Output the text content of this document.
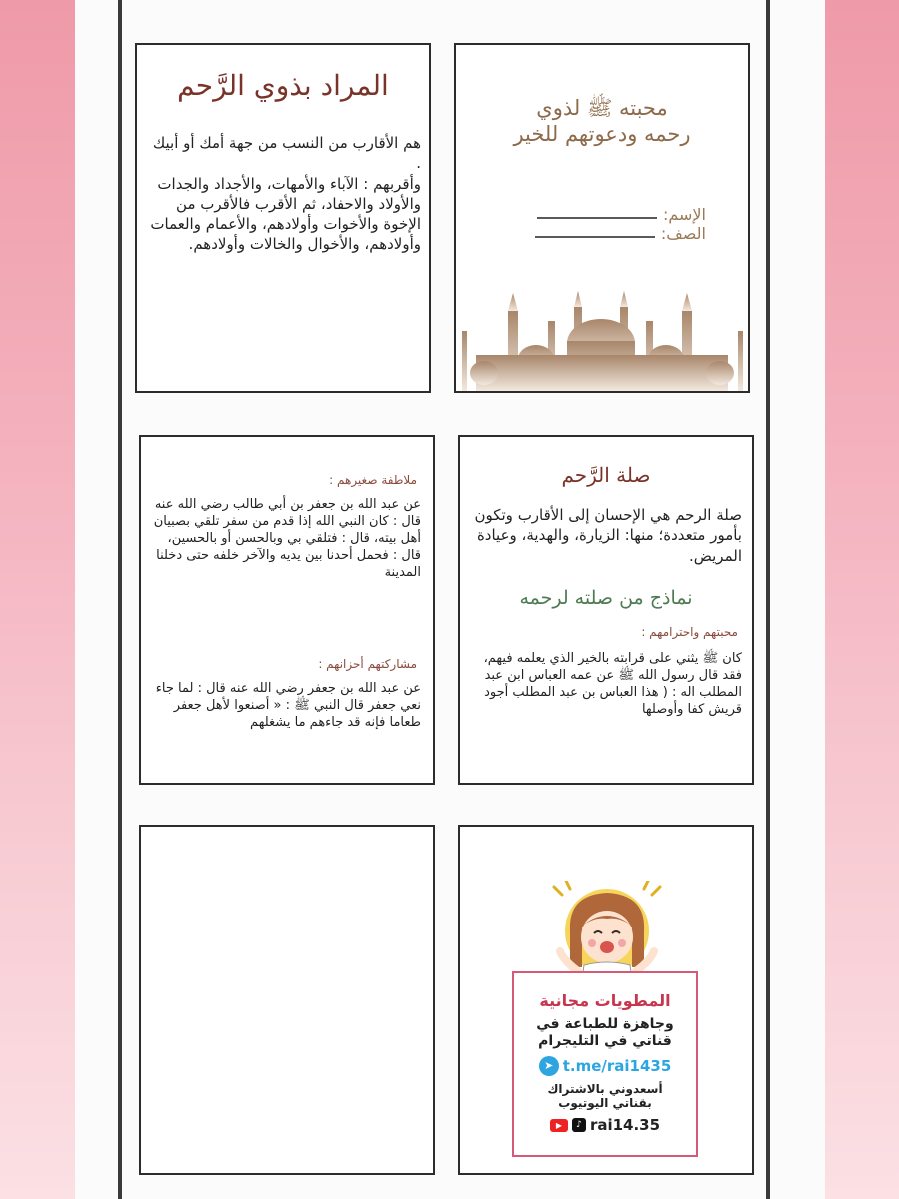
محبته ﷺ لذوي
رحمه ودعوتهم للخير
الإسم:
الصف:
المراد بذوي الرَّحم
هم الأقارب من النسب من جهة أمك أو أبيك .
وأقربهم : الآباء والأمهات، والأجداد والجدات والأولاد والاحفاد، ثم الأقرب فالأقرب من الإخوة والأخوات وأولادهم، والأعمام والعمات وأولادهم، والأخوال والخالات وأولادهم.
صلة الرَّحم
صلة الرحم هي الإحسان إلى الأقارب وتكون بأمور متعددة؛ منها: الزيارة، والهدية، وعيادة المريض.
نماذج من صلته لرحمه
محبتهم واحترامهم :
كان ﷺ يثني على قرابته بالخير الذي يعلمه فيهم، فقد قال رسول الله ﷺ عن عمه العباس ابن عبد المطلب اله : ( هذا العباس بن عبد المطلب أجود قريش كفا وأوصلها
ملاطفة صغيرهم :
عن عبد الله بن جعفر بن أبي طالب رضي الله عنه قال : كان النبي الله إذا قدم من سفر تلقي بصبيان أهل بيته، قال : فتلقي بي وبالحسن أو بالحسين، قال : فحمل أحدنا بين يديه والآخر خلفه حتى دخلنا المدينة
مشاركتهم أحزانهم :
عن عبد الله بن جعفر رضي الله عنه قال : لما جاء نعي جعفر قال النبي ﷺ : « أصنعوا لأهل جعفر طعاما فإنه قد جاءهم ما يشغلهم
المطويات مجانية
وجاهزة للطباعة في
قناتي في التليجرام
➤ t.me/rai1435
أسعدوني بالاشتراك
بقناتي اليوتيوب
▶	♪ rai14.35
